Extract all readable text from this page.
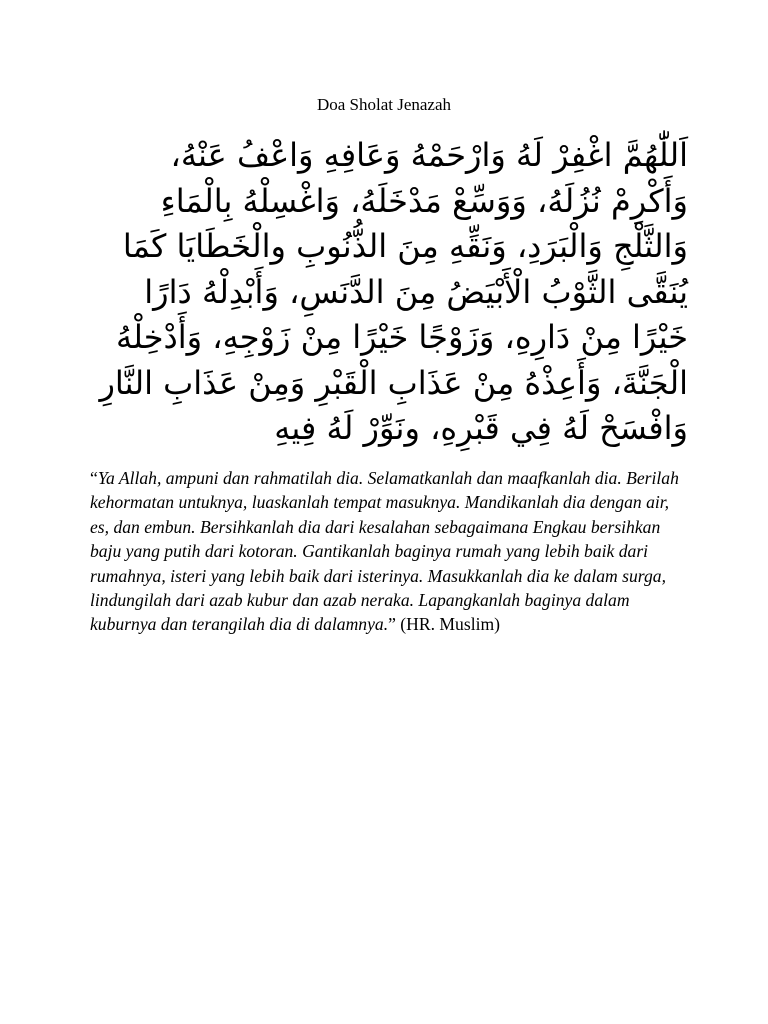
Doa Sholat Jenazah

اَللّٰهُمَّ اغْفِرْ لَهُ وَارْحَمْهُ وَعَافِهِ وَاعْفُ عَنْهُ، وَأَكْرِمْ نُزُلَهُ، وَوَسِّعْ مَدْخَلَهُ، وَاغْسِلْهُ بِالْمَاءِ وَالثَّلْجِ وَالْبَرَدِ، وَنَقِّهِ مِنَ الذُّنُوبِ والْخَطَايَا كَمَا يُنَقَّى الثَّوْبُ الْأَبْيَضُ مِنَ الدَّنَسِ، وَأَبْدِلْهُ دَارًا خَيْرًا مِنْ دَارِهِ، وَزَوْجًا خَيْرًا مِنْ زَوْجِهِ، وَأَدْخِلْهُ الْجَنَّةَ، وَأَعِذْهُ مِنْ عَذَابِ الْقَبْرِ وَمِنْ عَذَابِ النَّارِ وَافْسَحْ لَهُ فِي قَبْرِهِ، ونَوِّرْ لَهُ فِيهِ

“Ya Allah, ampuni dan rahmatilah dia. Selamatkanlah dan maafkanlah dia. Berilah kehormatan untuknya, luaskanlah tempat masuknya. Mandikanlah dia dengan air, es, dan embun. Bersihkanlah dia dari kesalahan sebagaimana Engkau bersihkan baju yang putih dari kotoran. Gantikanlah baginya rumah yang lebih baik dari rumahnya, isteri yang lebih baik dari isterinya. Masukkanlah dia ke dalam surga, lindungilah dari azab kubur dan azab neraka. Lapangkanlah baginya dalam kuburnya dan terangilah dia di dalamnya.” (HR. Muslim)
